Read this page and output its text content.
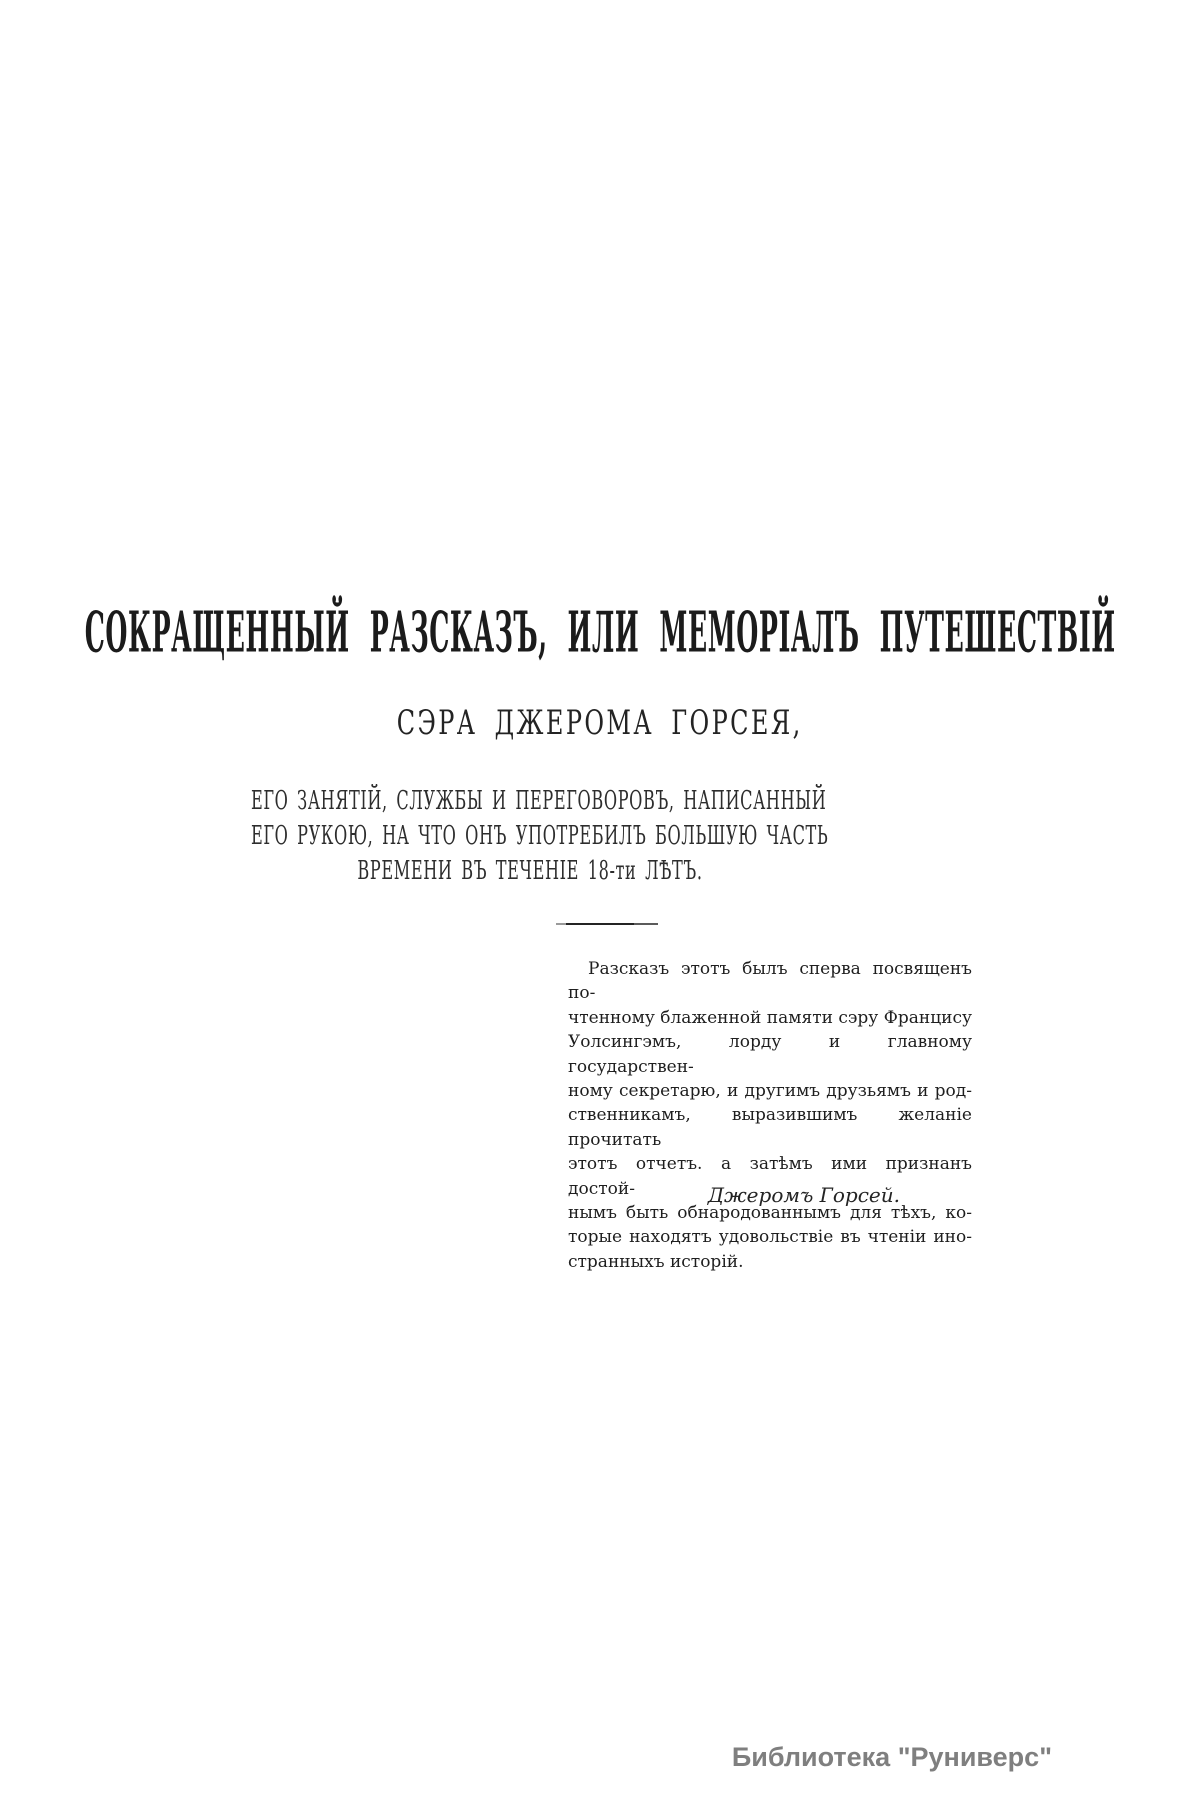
СОКРАЩЕННЫЙ РАЗСКАЗЪ, ИЛИ МЕМОРІАЛЪ ПУТЕШЕСТВІЙ
СЭРА ДЖЕРОМА ГОРСЕЯ,
ЕГО ЗАНЯТІЙ, СЛУЖБЫ И ПЕРЕГОВОРОВЪ, НАПИСАННЫЙ
ЕГО РУКОЮ, НА ЧТО ОНЪ УПОТРЕБИЛЪ БОЛЬШУЮ ЧАСТЬ
ВРЕМЕНИ ВЪ ТЕЧЕНІЕ 18-ти ЛѢТЪ.
Разсказъ этотъ былъ сперва посвященъ по-
чтенному блаженной памяти сэру Францису
Уолсингэмъ, лорду и главному государствен-
ному секретарю, и другимъ друзьямъ и род-
ственникамъ, выразившимъ желаніе прочитать
этотъ отчетъ. а затѣмъ ими признанъ достой-
нымъ быть обнародованнымъ для тѣхъ, ко-
торые находятъ удовольствіе въ чтеніи ино-
странныхъ исторій.
Джеромъ Горсей.
Библиотека "Руниверс"
